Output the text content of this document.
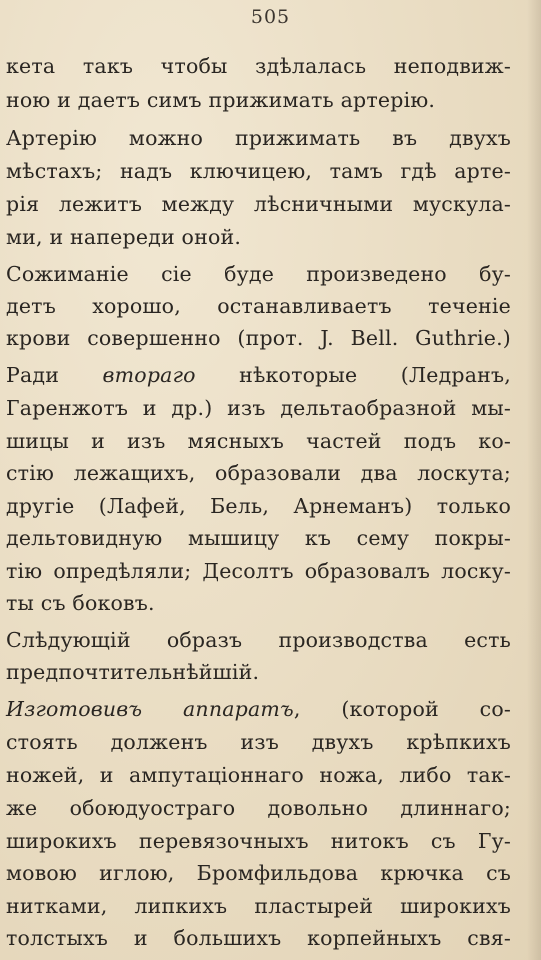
505
кета такъ чтобы здѣлалась неподвиж-
ною и даетъ симъ прижимать артерію.
Артерію можно прижимать въ двухъ
мѣстахъ; надъ ключицею, тамъ гдѣ арте-
рія лежитъ между лѣсничными мускула-
ми, и напереди оной.
Сожиманіе сіе буде произведено бу-
детъ хорошо, останавливаетъ теченіе
крови совершенно (прот. J. Bell. Guthrie.)
Ради вторaго нѣкоторые (Ледранъ,
Гаренжотъ и др.) изъ дельтаобразной мы-
шицы и изъ мясныхъ частей подъ ко-
стію лежащихъ, образовали два лоскута;
другіе (Лафей, Бель, Арнеманъ) только
дельтовидную мышицу къ сему покры-
тію опредѣляли; Десолтъ образовалъ лоску-
ты съ боковъ.
Слѣдующій образъ производства есть
предпочтительнѣйшій.
Изготовивъ аппаратъ, (которой со-
стоять долженъ изъ двухъ крѣпкихъ
ножей, и ампутаціоннаго ножа, либо так-
же обоюдуострaго довольно длиннаго;
широкихъ перевязочныхъ нитокъ съ Гу-
мовою иглою, Бромфильдова крючка съ
нитками, липкихъ пластырей широкихъ
толстыхъ и большихъ корпейныхъ свя-
